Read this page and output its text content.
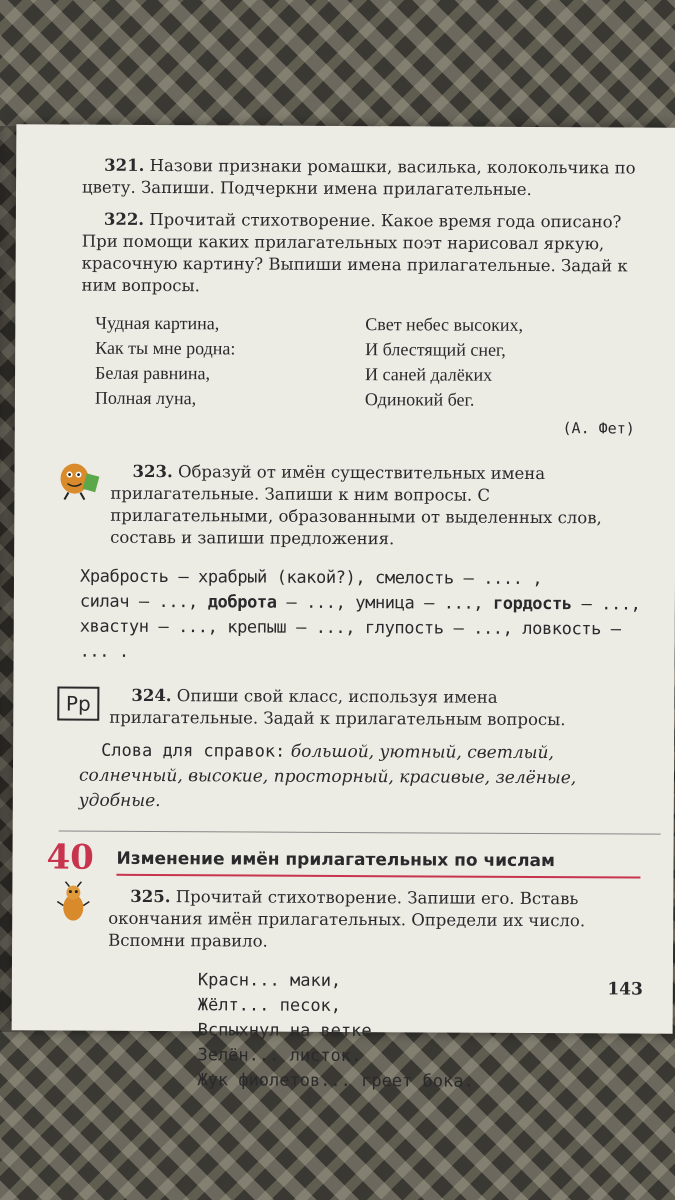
321. Назови признаки ромашки, василька, колокольчика по цвету. Запиши. Подчеркни имена прилагательные.

322. Прочитай стихотворение. Какое время года описано? При помощи каких прилагательных поэт нарисовал яркую, красочную картину? Выпиши имена прилагательные. Задай к ним вопросы.

Чудная картина,
Как ты мне родна:
Белая равнина,
Полная луна,
Свет небес высоких,
И блестящий снег,
И саней далёких
Одинокий бег.
(А. Фет)

323. Образуй от имён существительных имена прилагательные. Запиши к ним вопросы. С прилагательными, образованными от выделенных слов, составь и запиши предложения.

Храбрость – храбрый (какой?), смелость – .... ,
силач – ..., доброта – ..., умница – ..., гордость – ...,
хвастун – ..., крепыш – ..., глупость – ..., ловкость – ... .
Рр	324. Опиши свой класс, используя имена прилагательные. Задай к прилагательным вопросы.

Слова для справок: большой, уютный, светлый, солнечный, высокие, просторный, красивые, зелёные, удобные.

40	Изменение имён прилагательных по числам

325. Прочитай стихотворение. Запиши его. Вставь окончания имён прилагательных. Определи их число. Вспомни правило.

Красн... маки,
Жёлт... песок,
Вспыхнул на ветке
Зелён... листок.
Жук фиолетов... греет бока.
143
